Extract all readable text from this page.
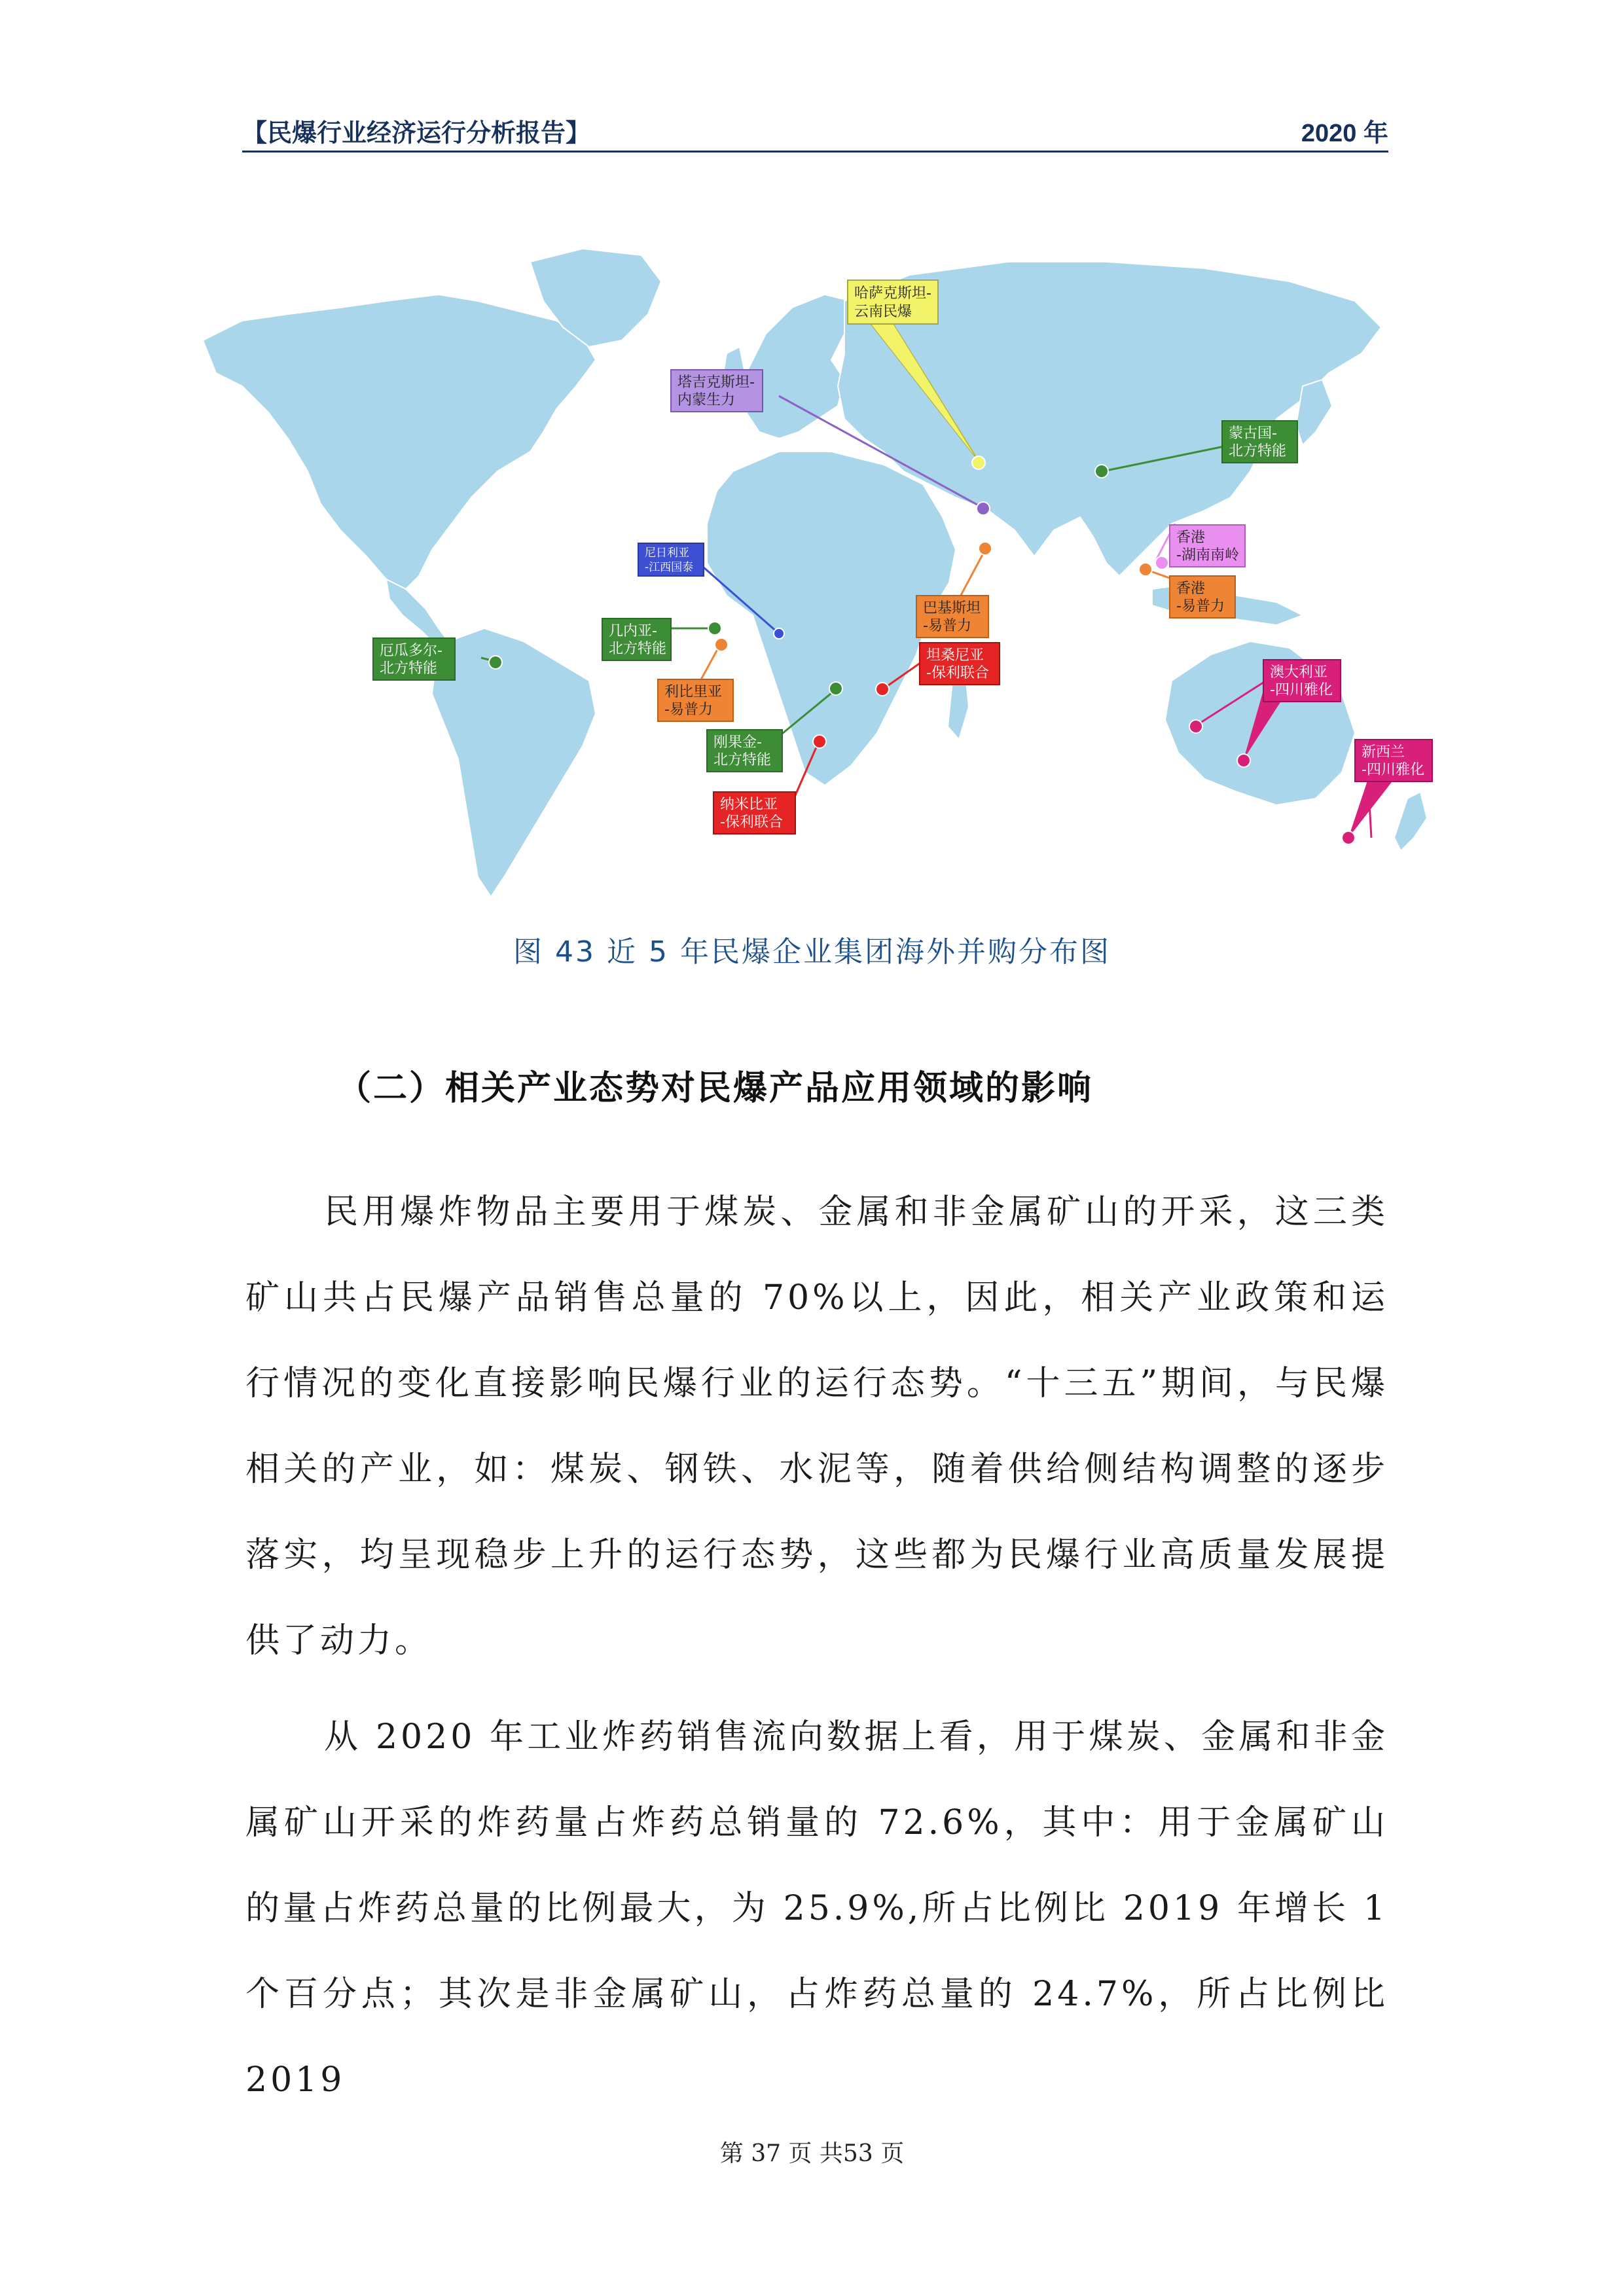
【民爆行业经济运行分析报告】	2020 年
哈萨克斯坦-
云南民爆
塔吉克斯坦-
内蒙生力
蒙古国-
北方特能
香港
-湖南南岭
香港
-易普力
巴基斯坦
-易普力
尼日利亚
-江西国泰
几内亚-
北方特能
利比里亚
-易普力
厄瓜多尔-
北方特能
坦桑尼亚
-保利联合
刚果金-
北方特能
纳米比亚
-保利联合
澳大利亚
-四川雅化
新西兰
-四川雅化
图 43 近 5 年民爆企业集团海外并购分布图
（二）相关产业态势对民爆产品应用领域的影响

民用爆炸物品主要用于煤炭、金属和非金属矿山的开采，这三类矿山共占民爆产品销售总量的 70%以上，因此，相关产业政策和运行情况的变化直接影响民爆行业的运行态势。“十三五”期间，与民爆相关的产业，如：煤炭、钢铁、水泥等，随着供给侧结构调整的逐步落实，均呈现稳步上升的运行态势，这些都为民爆行业高质量发展提供了动力。

从 2020 年工业炸药销售流向数据上看，用于煤炭、金属和非金属矿山开采的炸药量占炸药总销量的 72.6%，其中：用于金属矿山的量占炸药总量的比例最大，为 25.9%,所占比例比 2019 年增长 1 个百分点；其次是非金属矿山，占炸药总量的 24.7%，所占比例比 2019

第 37 页 共53 页
